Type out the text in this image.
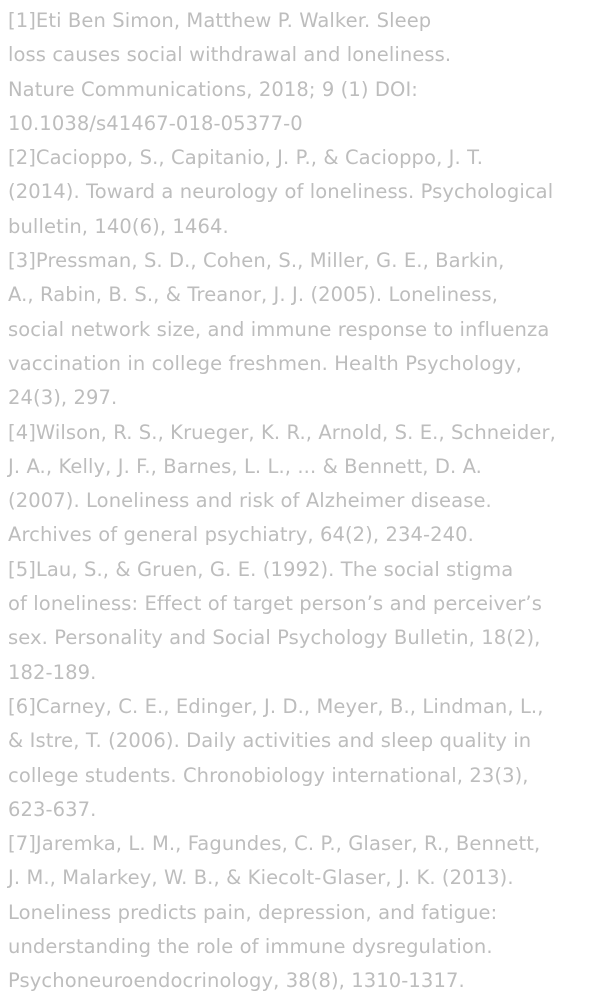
[1]Eti Ben Simon, Matthew P. Walker. Sleep
loss causes social withdrawal and loneliness.
Nature Communications, 2018; 9 (1) DOI:
10.1038/s41467-018-05377-0

[2]Cacioppo, S., Capitanio, J. P., & Cacioppo, J. T.
(2014). Toward a neurology of loneliness. Psychological
bulletin, 140(6), 1464.

[3]Pressman, S. D., Cohen, S., Miller, G. E., Barkin,
A., Rabin, B. S., & Treanor, J. J. (2005). Loneliness,
social network size, and immune response to influenza
vaccination in college freshmen. Health Psychology,
24(3), 297.

[4]Wilson, R. S., Krueger, K. R., Arnold, S. E., Schneider,
J. A., Kelly, J. F., Barnes, L. L., ... & Bennett, D. A.
(2007). Loneliness and risk of Alzheimer disease.
Archives of general psychiatry, 64(2), 234-240.

[5]Lau, S., & Gruen, G. E. (1992). The social stigma
of loneliness: Effect of target person’s and perceiver’s
sex. Personality and Social Psychology Bulletin, 18(2),
182-189.

[6]Carney, C. E., Edinger, J. D., Meyer, B., Lindman, L.,
& Istre, T. (2006). Daily activities and sleep quality in
college students. Chronobiology international, 23(3),
623-637.

[7]Jaremka, L. M., Fagundes, C. P., Glaser, R., Bennett,
J. M., Malarkey, W. B., & Kiecolt-Glaser, J. K. (2013).
Loneliness predicts pain, depression, and fatigue:
understanding the role of immune dysregulation.
Psychoneuroendocrinology, 38(8), 1310-1317.
